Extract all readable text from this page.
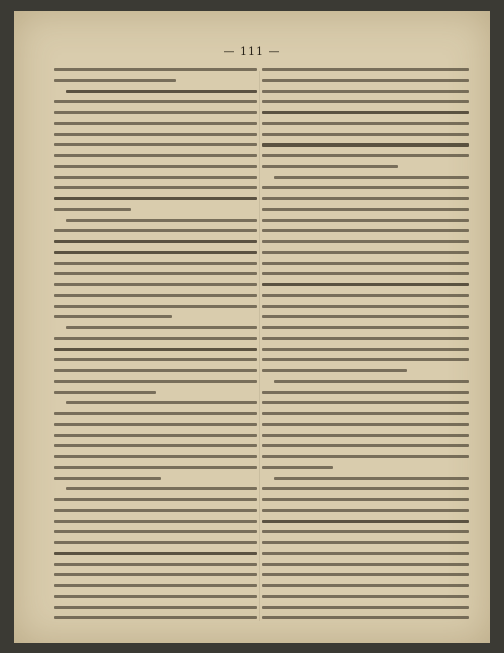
— 111 —
